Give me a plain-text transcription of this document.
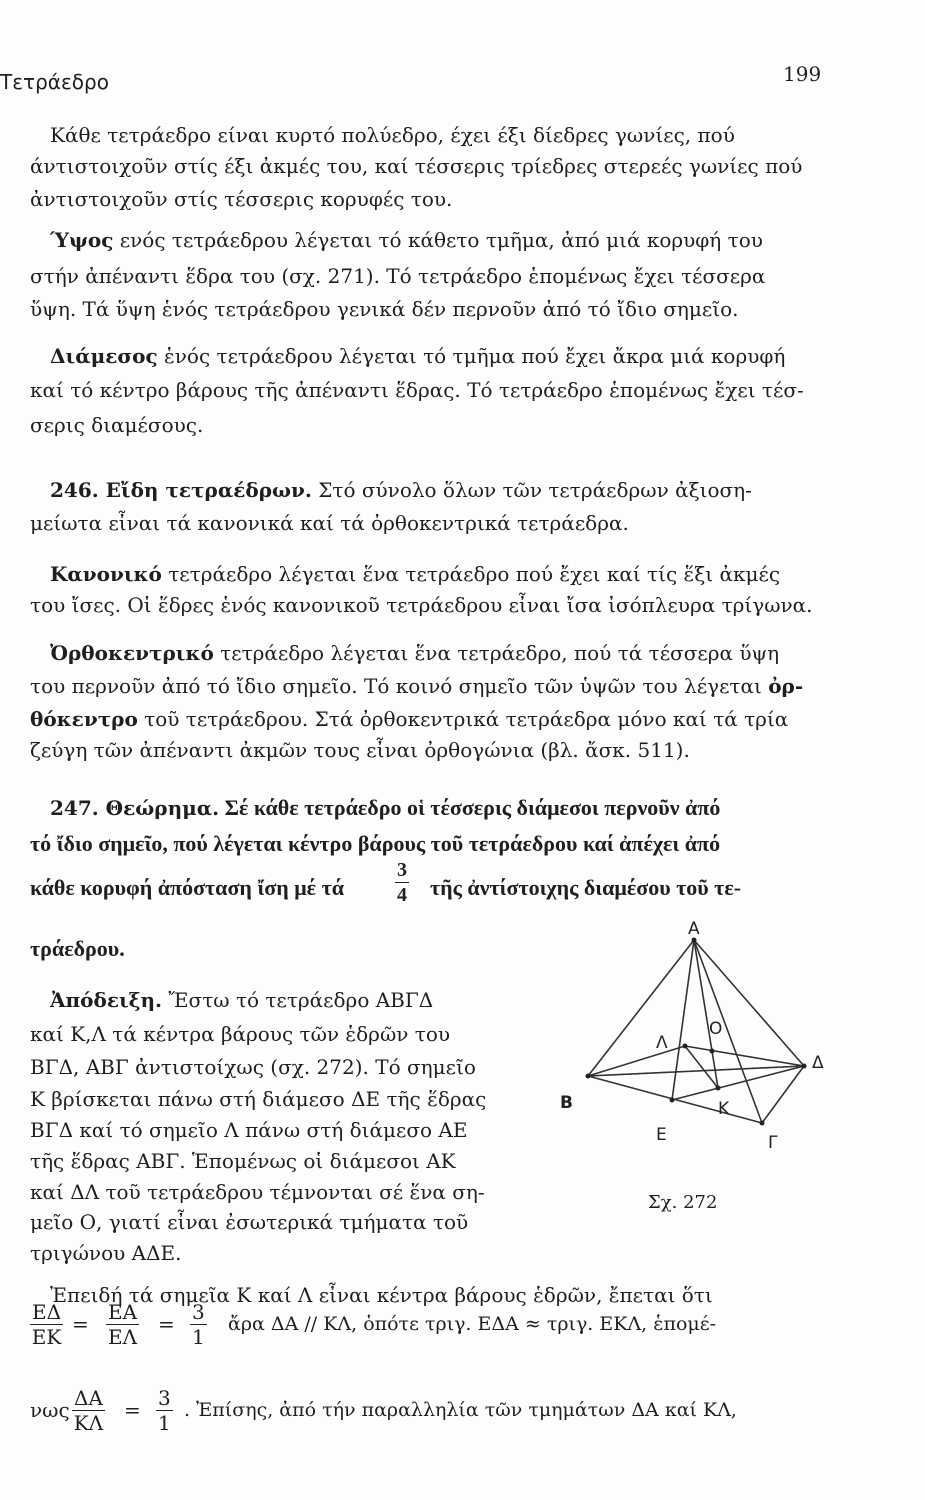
Τετράεδρο	199
Κάθε τετράεδρο είναι κυρτό πολύεδρο, έχει έξι δίεδρες γωνίες, πού
άντιστοιχοῦν στίς έξι ἀκμές του, καί τέσσερις τρίεδρες στερεές γωνίες πού
ἀντιστοιχοῦν στίς τέσσερις κορυφές του.
Ύψος ενός τετράεδρου λέγεται τό κάθετο τμῆμα, ἀπό μιά κορυφή του
στήν ἀπέναντι ἕδρα του (σχ. 271). Τό τετράεδρο ἑπομένως ἔχει τέσσερα
ὕψη. Τά ὕψη ἑνός τετράεδρου γενικά δέν περνοῦν ἀπό τό ἴδιο σημεῖο.
Διάμεσος ἑνός τετράεδρου λέγεται τό τμῆμα πού ἔχει ἄκρα μιά κορυφή
καί τό κέντρο βάρους τῆς ἀπέναντι ἕδρας. Τό τετράεδρο ἑπομένως ἔχει τέσ-
σερις διαμέσους.
246. Εἴδη τετραέδρων. Στό σύνολο ὅλων τῶν τετράεδρων ἀξιοση-
μείωτα εἶναι τά κανονικά καί τά ὀρθοκεντρικά τετράεδρα.
Κανονικό τετράεδρο λέγεται ἕνα τετράεδρο πού ἔχει καί τίς ἕξι ἀκμές
του ἴσες. Οἱ ἕδρες ἑνός κανονικοῦ τετράεδρου εἶναι ἴσα ἰσόπλευρα τρίγωνα.
Ὀρθοκεντρικό τετράεδρο λέγεται ἕνα τετράεδρο, πού τά τέσσερα ὕψη
του περνοῦν ἀπό τό ἴδιο σημεῖο. Τό κοινό σημεῖο τῶν ὑψῶν του λέγεται ὀρ-
θόκεντρο τοῦ τετράεδρου. Στά ὀρθοκεντρικά τετράεδρα μόνο καί τά τρία
ζεύγη τῶν ἀπέναντι ἀκμῶν τους εἶναι ὀρθογώνια (βλ. ἄσκ. 511).
247. Θεώρημα. Σέ κάθε τετράεδρο οἱ τέσσερις διάμεσοι περνοῦν ἀπό
τό ἴδιο σημεῖο, πού λέγεται κέντρο βάρους τοῦ τετράεδρου καί ἀπέχει ἀπό
κάθε κορυφή ἀπόσταση ἴση μέ τά	$\frac{3}{4}$ τῆς ἀντίστοιχης διαμέσου τοῦ τε-
τράεδρου.
Ἀπόδειξη. Ἔστω τό τετράεδρο ΑΒΓΔ
καί Κ,Λ τά κέντρα βάρους τῶν ἑδρῶν του
ΒΓΔ, ΑΒΓ ἀντιστοίχως (σχ. 272). Τό σημεῖο
Κ βρίσκεται πάνω στή διάμεσο ΔΕ τῆς ἕδρας
ΒΓΔ καί τό σημεῖο Λ πάνω στή διάμεσο ΑΕ
τῆς ἕδρας ΑΒΓ. Ἑπομένως οἱ διάμεσοι ΑΚ
καί ΔΛ τοῦ τετράεδρου τέμνονται σέ ἕνα ση-
μεῖο Ο, γιατί εἶναι ἐσωτερικά τμήματα τοῦ
τριγώνου ΑΔΕ.
Ἐπειδή τά σημεῖα Κ καί Λ εἶναι κέντρα βάρους ἑδρῶν, ἔπεται ὅτι
$\frac{E\Delta}{EK} = \frac{EA}{E\Lambda} = \frac{3}{1}$ ἄρα ΔΑ // ΚΛ, ὁπότε τριγ. ΕΔΑ ≈ τριγ. ΕΚΛ, ἑπομέ-
νως $\frac{\Delta A}{K\Lambda} = \frac{3}{1}$ . Ἐπίσης, ἀπό τήν παραλληλία τῶν τμημάτων ΔΑ καί ΚΛ,
Α
Β
Γ
Δ
Ε
Κ
Λ
Ο
Σχ. 272
